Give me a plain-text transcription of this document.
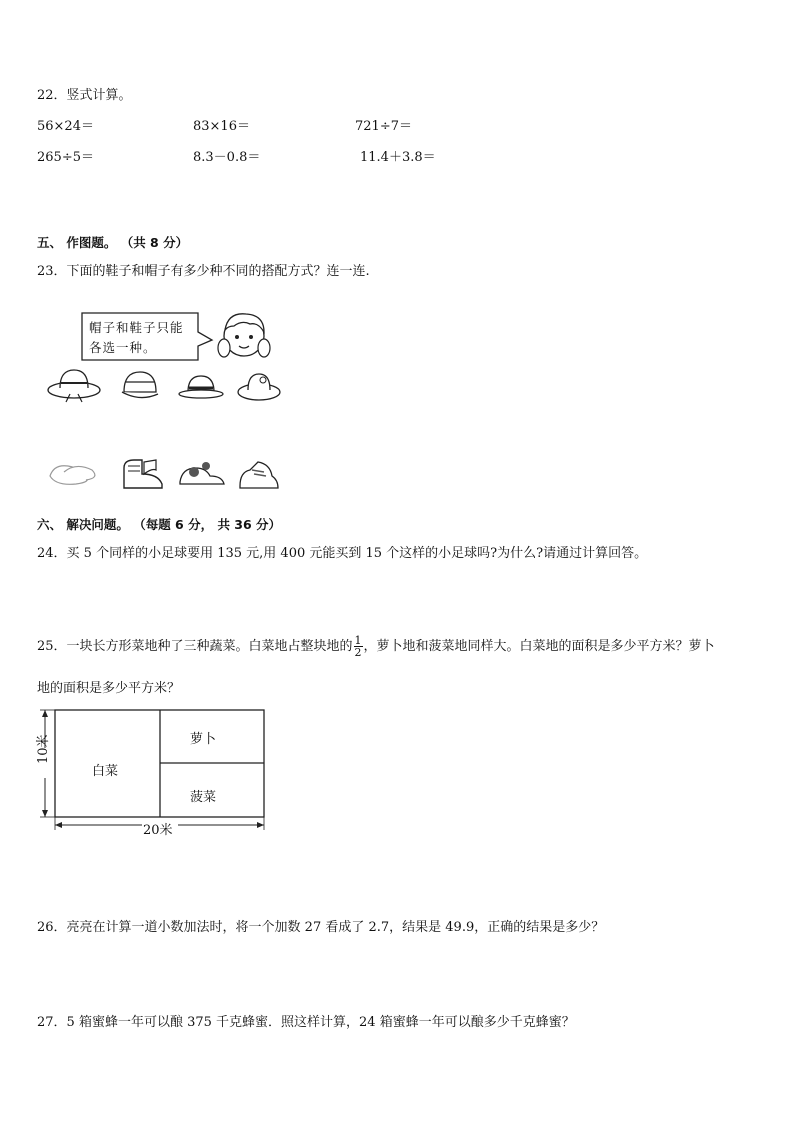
22．竖式计算。
56×24＝	83×16＝	721÷7＝
265÷5＝	8.3－0.8＝	11.4＋3.8＝
五、 作图题。 （共 8 分）
23．下面的鞋子和帽子有多少种不同的搭配方式？连一连.
帽子和鞋子只能
各选一种。
六、 解决问题。 （每题 6 分， 共 36 分）
24．买 5 个同样的小足球要用 135 元,用 400 元能买到 15 个这样的小足球吗?为什么?请通过计算回答。
25．一块长方形菜地种了三种蔬菜。白菜地占整块地的 $\frac{1}{2}$ ，萝卜地和菠菜地同样大。白菜地的面积是多少平方米？萝卜
地的面积是多少平方米？
白菜
萝卜
菠菜
10米
20米
26．亮亮在计算一道小数加法时，将一个加数 27 看成了 2.7，结果是 49.9，正确的结果是多少？
27．5 箱蜜蜂一年可以酿 375 千克蜂蜜．照这样计算，24 箱蜜蜂一年可以酿多少千克蜂蜜？
